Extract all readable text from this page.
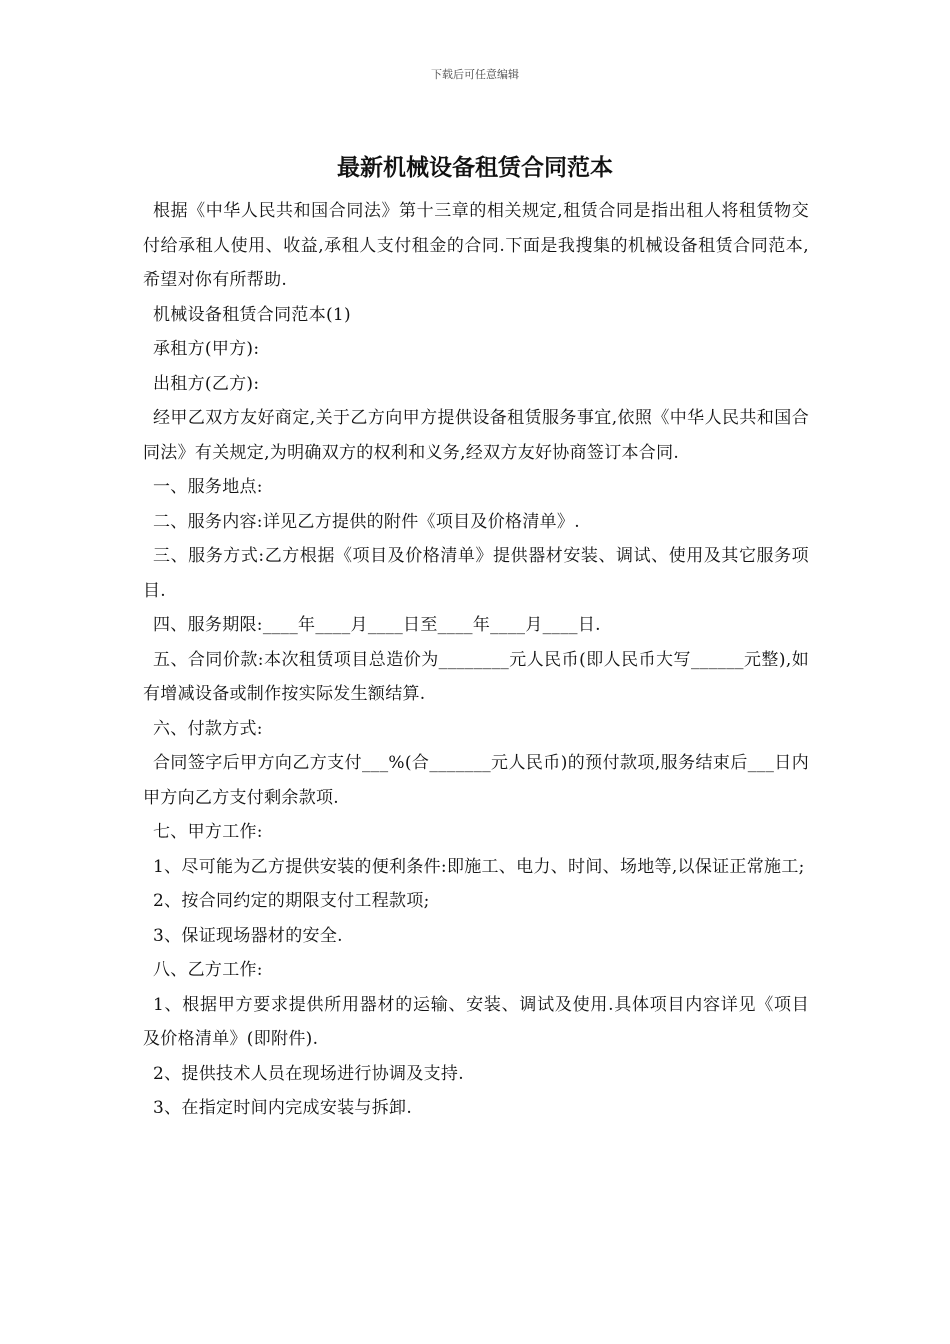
下载后可任意编辑
最新机械设备租赁合同范本

根据《中华人民共和国合同法》第十三章的相关规定,租赁合同是指出租人将租赁物交付给承租人使用、收益,承租人支付租金的合同.下面是我搜集的机械设备租赁合同范本,希望对你有所帮助.

机械设备租赁合同范本(1)

承租方(甲方):

出租方(乙方):

经甲乙双方友好商定,关于乙方向甲方提供设备租赁服务事宜,依照《中华人民共和国合同法》有关规定,为明确双方的权利和义务,经双方友好协商签订本合同.

一、服务地点:

二、服务内容:详见乙方提供的附件《项目及价格清单》.

三、服务方式:乙方根据《项目及价格清单》提供器材安装、调试、使用及其它服务项目.

四、服务期限:____年____月____日至____年____月____日.

五、合同价款:本次租赁项目总造价为________元人民币(即人民币大写______元整),如有增减设备或制作按实际发生额结算.

六、付款方式:

合同签字后甲方向乙方支付___%(合_______元人民币)的预付款项,服务结束后___日内甲方向乙方支付剩余款项.

七、甲方工作:

1、尽可能为乙方提供安装的便利条件:即施工、电力、时间、场地等,以保证正常施工;

2、按合同约定的期限支付工程款项;

3、保证现场器材的安全.

八、乙方工作:

1、根据甲方要求提供所用器材的运输、安装、调试及使用.具体项目内容详见《项目及价格清单》(即附件).

2、提供技术人员在现场进行协调及支持.

3、在指定时间内完成安装与拆卸.
